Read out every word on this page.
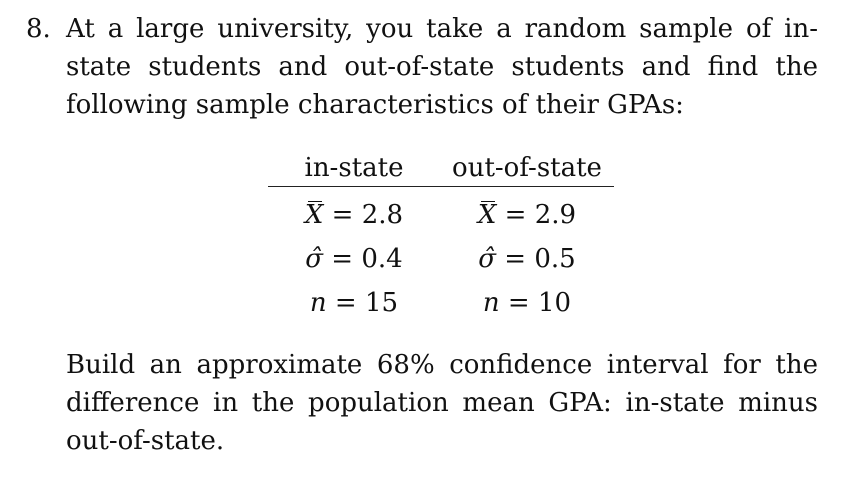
8. At a large university, you take a random sample of in-state students and out-of-state students and find the following sample characteristics of their GPAs:
in-state	out-of-state
X = 2.8	X = 2.9
σ̂ = 0.4	σ̂ = 0.5
n = 15	n = 10
Build an approximate 68% confidence interval for the difference in the population mean GPA: in-state minus out-of-state.
